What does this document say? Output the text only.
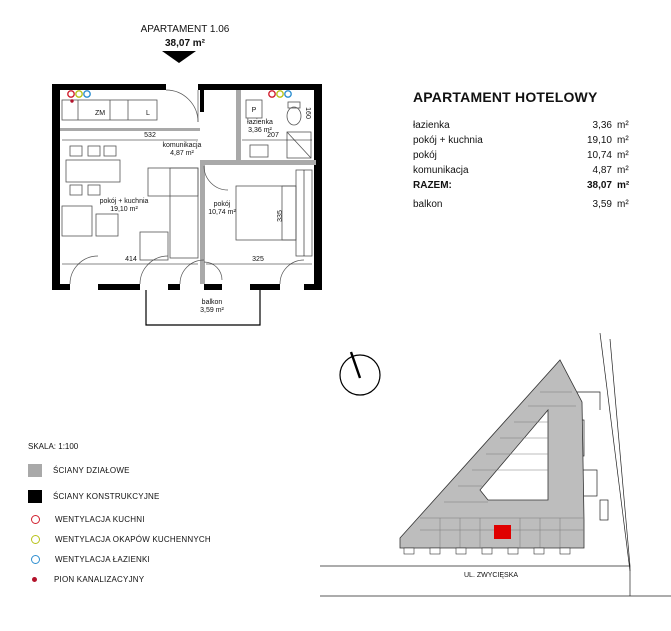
APARTAMENT 1.06
38,07 m²
ZM	L	P
532	207
160
335
414	325
łazienka
3,36 m²
komunikacja
4,87 m²
pokój + kuchnia
19,10 m²
pokój
10,74 m²
balkon
3,59 m²
APARTAMENT HOTELOWY
łazienka	3,36 m²
pokój + kuchnia	19,10 m²
pokój	10,74 m²
komunikacja	4,87 m²
RAZEM:	38,07 m²
balkon	3,59 m²
SKALA: 1:100
ŚCIANY DZIAŁOWE
ŚCIANY KONSTRUKCYJNE
WENTYLACJA KUCHNI
WENTYLACJA OKAPÓW KUCHENNYCH
WENTYLACJA ŁAZIENKI
PION KANALIZACYJNY	UL. ZWYCIĘSKA
